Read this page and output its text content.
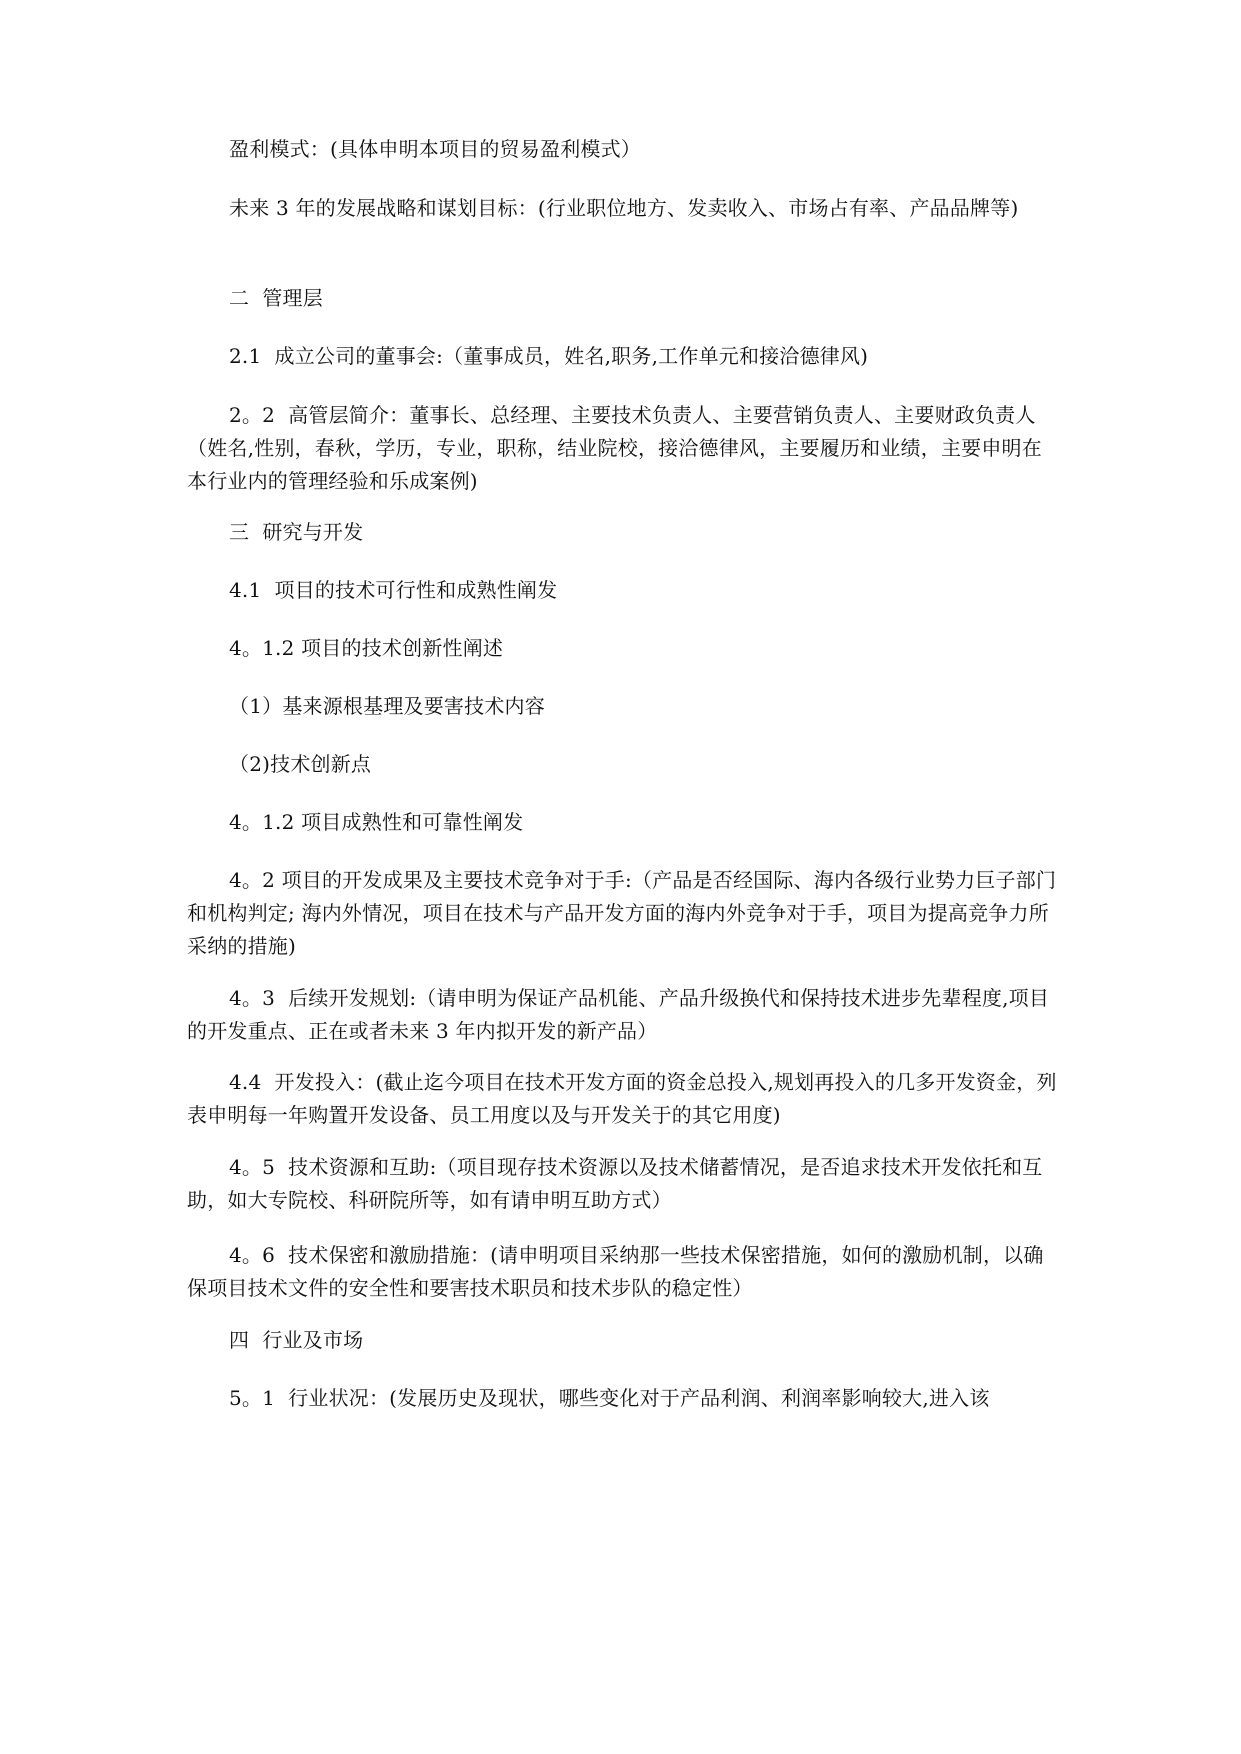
盈利模式：(具体申明本项目的贸易盈利模式）
未来 3 年的发展战略和谋划目标：(行业职位地方、发卖收入、市场占有率、产品品牌等)
二  管理层
2.1  成立公司的董事会:（董事成员，姓名,职务,工作单元和接洽德律风)
2。2  高管层简介：董事长、总经理、主要技术负责人、主要营销负责人、主要财政负责人（姓名,性别，春秋，学历，专业，职称，结业院校，接洽德律风，主要履历和业绩，主要申明在本行业内的管理经验和乐成案例)
三  研究与开发
4.1  项目的技术可行性和成熟性阐发
4。1.2 项目的技术创新性阐述
（1）基来源根基理及要害技术内容
（2)技术创新点
4。1.2 项目成熟性和可靠性阐发
4。2 项目的开发成果及主要技术竞争对于手:（产品是否经国际、海内各级行业势力巨子部门和机构判定; 海内外情况，项目在技术与产品开发方面的海内外竞争对于手，项目为提高竞争力所采纳的措施)
4。3  后续开发规划:（请申明为保证产品机能、产品升级换代和保持技术进步先辈程度,项目的开发重点、正在或者未来 3 年内拟开发的新产品）
4.4  开发投入：(截止迄今项目在技术开发方面的资金总投入,规划再投入的几多开发资金，列表申明每一年购置开发设备、员工用度以及与开发关于的其它用度)
4。5  技术资源和互助:（项目现存技术资源以及技术储蓄情况，是否追求技术开发依托和互助，如大专院校、科研院所等，如有请申明互助方式）
4。6  技术保密和激励措施：(请申明项目采纳那一些技术保密措施，如何的激励机制，以确保项目技术文件的安全性和要害技术职员和技术步队的稳定性）
四  行业及市场
5。1  行业状况：(发展历史及现状，哪些变化对于产品利润、利润率影响较大,进入该
